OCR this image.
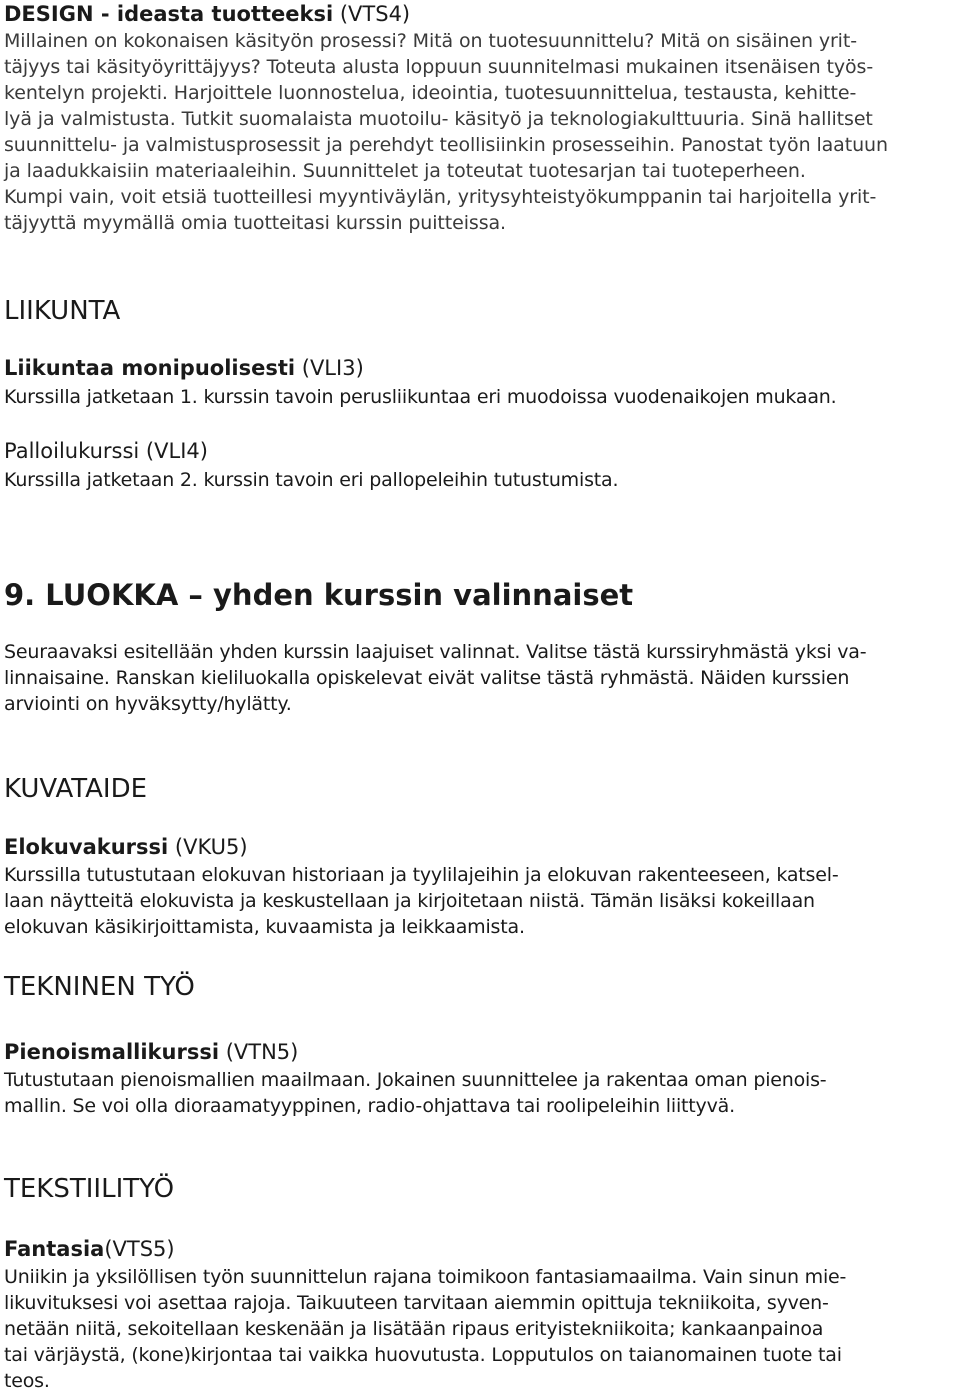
DESIGN - ideasta tuotteeksi (VTS4)
Millainen on kokonaisen käsityön prosessi? Mitä on tuotesuunnittelu? Mitä on sisäinen yrit-
täjyys tai käsityöyrittäjyys? Toteuta alusta loppuun suunnitelmasi mukainen itsenäisen työs-
kentelyn projekti. Harjoittele luonnostelua, ideointia, tuotesuunnittelua, testausta, kehitte-
lyä ja valmistusta. Tutkit suomalaista muotoilu- käsityö ja teknologiakulttuuria. Sinä hallitset
suunnittelu- ja valmistusprosessit ja perehdyt teollisiinkin prosesseihin. Panostat työn laatuun
ja laadukkaisiin materiaaleihin. Suunnittelet ja toteutat tuotesarjan tai tuoteperheen.
Kumpi vain, voit etsiä tuotteillesi myyntiväylän, yritysyhteistyökumppanin tai harjoitella yrit-
täjyyttä myymällä omia tuotteitasi kurssin puitteissa.
LIIKUNTA
Liikuntaa monipuolisesti (VLI3)
Kurssilla jatketaan 1. kurssin tavoin perusliikuntaa eri muodoissa vuodenaikojen mukaan.
Palloilukurssi (VLI4)
Kurssilla jatketaan 2. kurssin tavoin eri pallopeleihin tutustumista.
9. LUOKKA – yhden kurssin valinnaiset
Seuraavaksi esitellään yhden kurssin laajuiset valinnat. Valitse tästä kurssiryhmästä yksi va-
linnaisaine. Ranskan kieliluokalla opiskelevat eivät valitse tästä ryhmästä. Näiden kurssien
arviointi on hyväksytty/hylätty.
KUVATAIDE
Elokuvakurssi (VKU5)
Kurssilla tutustutaan elokuvan historiaan ja tyylilajeihin ja elokuvan rakenteeseen, katsel-
laan näytteitä elokuvista ja keskustellaan ja kirjoitetaan niistä. Tämän lisäksi kokeillaan
elokuvan käsikirjoittamista, kuvaamista ja leikkaamista.
TEKNINEN TYÖ
Pienoismallikurssi (VTN5)
Tutustutaan pienoismallien maailmaan. Jokainen suunnittelee ja rakentaa oman pienois-
mallin. Se voi olla dioraamatyyppinen, radio-ohjattava tai roolipeleihin liittyvä.
TEKSTIILITYÖ
Fantasia(VTS5)
Uniikin ja yksilöllisen työn suunnittelun rajana toimikoon fantasiamaailma. Vain sinun mie-
likuvituksesi voi asettaa rajoja. Taikuuteen tarvitaan aiemmin opittuja tekniikoita, syven-
netään niitä, sekoitellaan keskenään ja lisätään ripaus erityistekniikoita; kankaanpainoa
tai värjäystä, (kone)kirjontaa tai vaikka huovutusta. Lopputulos on taianomainen tuote tai
teos.
